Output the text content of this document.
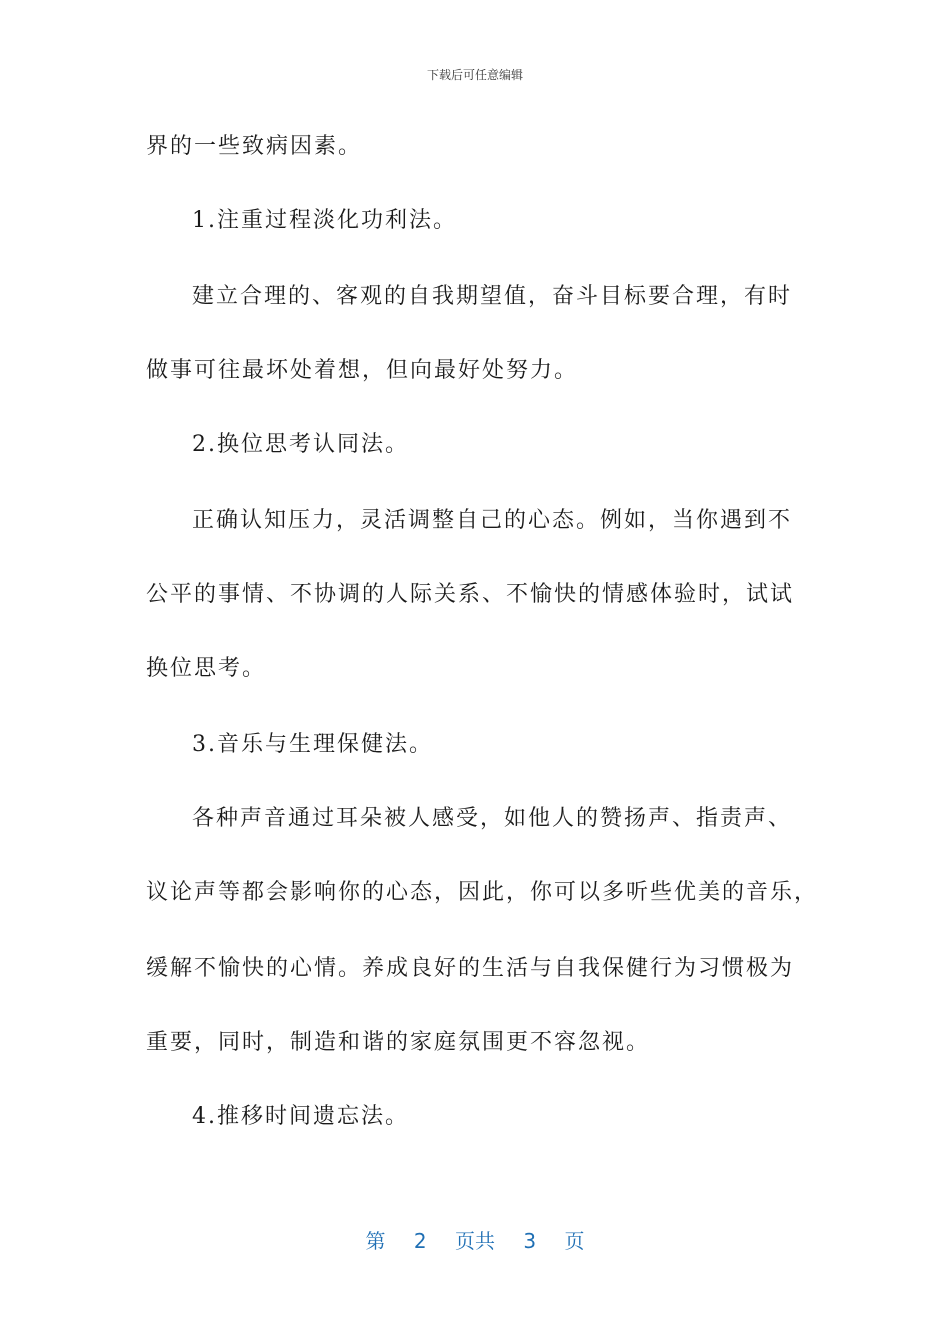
下载后可任意编辑
界的一些致病因素。
1.注重过程淡化功利法。
建立合理的、客观的自我期望值，奋斗目标要合理，有时
做事可往最坏处着想，但向最好处努力。
2.换位思考认同法。
正确认知压力，灵活调整自己的心态。例如，当你遇到不
公平的事情、不协调的人际关系、不愉快的情感体验时，试试
换位思考。
3.音乐与生理保健法。
各种声音通过耳朵被人感受，如他人的赞扬声、指责声、
议论声等都会影响你的心态，因此，你可以多听些优美的音乐，
缓解不愉快的心情。养成良好的生活与自我保健行为习惯极为
重要，同时，制造和谐的家庭氛围更不容忽视。
4.推移时间遗忘法。
第 2 页共 3 页
